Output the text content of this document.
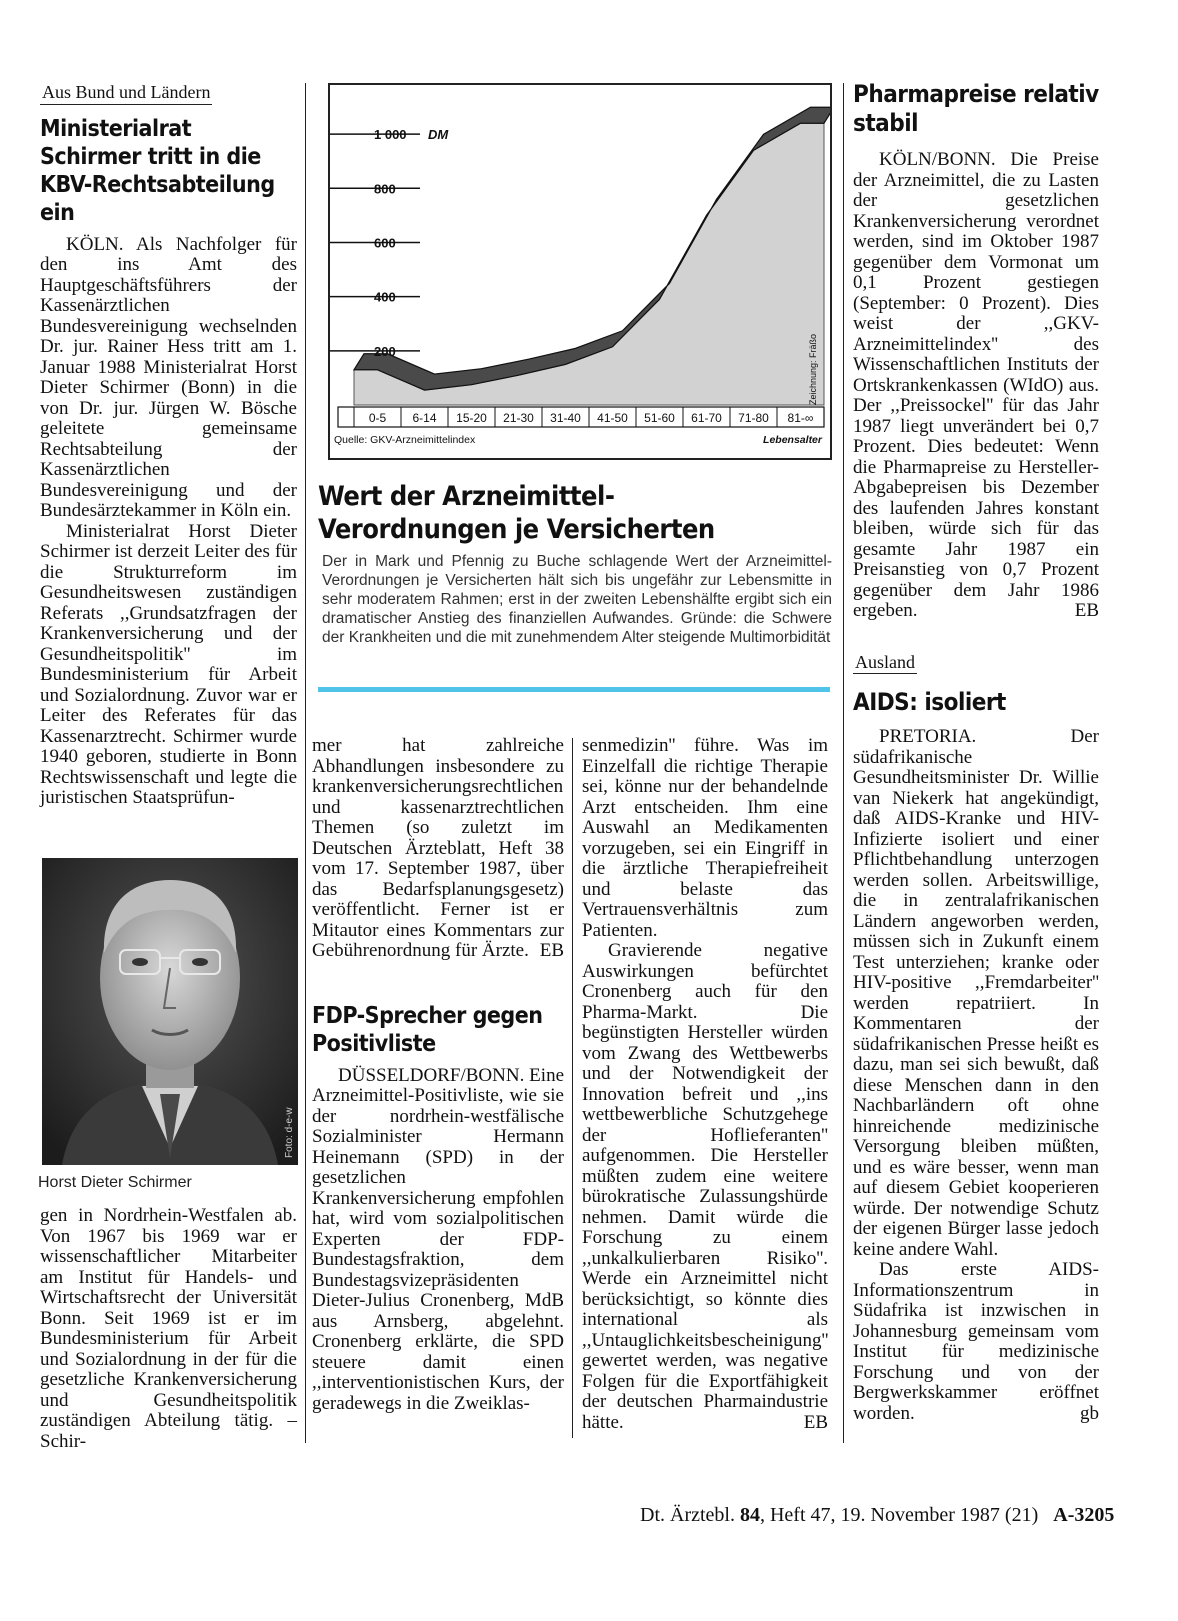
Aus Bund und Ländern
Ministerialrat Schirmer tritt in die KBV-Rechtsabteilung ein

KÖLN. Als Nachfolger für den ins Amt des Hauptgeschäftsführers der Kassenärztlichen Bundesvereinigung wechselnden Dr. jur. Rainer Hess tritt am 1. Januar 1988 Ministerialrat Horst Dieter Schirmer (Bonn) in die von Dr. jur. Jürgen W. Bösche geleitete gemeinsame Rechtsabteilung der Kassenärztlichen Bundesvereinigung und der Bundesärztekammer in Köln ein.

Ministerialrat Horst Dieter Schirmer ist derzeit Leiter des für die Strukturreform im Gesundheitswesen zuständigen Referats ,,Grundsatzfragen der Krankenversicherung und der Gesundheitspolitik'' im Bundesministerium für Arbeit und Sozialordnung. Zuvor war er Leiter des Referates für das Kassenarztrecht. Schirmer wurde 1940 geboren, studierte in Bonn Rechtswissenschaft und legte die juristischen Staatsprüfun-

Foto: d-e-w
Horst Dieter Schirmer

gen in Nordrhein-Westfalen ab. Von 1967 bis 1969 war er wissenschaftlicher Mitarbeiter am Institut für Handels- und Wirtschaftsrecht der Universität Bonn. Seit 1969 ist er im Bundesministerium für Arbeit und Sozialordnung in der für die gesetzliche Krankenversicherung und Gesundheitspolitik zuständigen Abteilung tätig. – Schir-

200
400
600
800
1 000 DM
0-5 6-14 15-20 21-30 31-40 41-50 51-60 61-70 71-80 81-∞
Quelle: GKV-Arzneimittelindex	Lebensalter
Zeichnung: Fräßo
Wert der Arzneimittel-Verordnungen je Versicherten
Der in Mark und Pfennig zu Buche schlagende Wert der Arzneimittel-Verordnungen je Versicherten hält sich bis ungefähr zur Lebensmitte in sehr moderatem Rahmen; erst in der zweiten Lebenshälfte ergibt sich ein dramatischer Anstieg des finanziellen Aufwandes. Gründe: die Schwere der Krankheiten und die mit zunehmendem Alter steigende Multimorbidität

mer hat zahlreiche Abhandlungen insbesondere zu krankenversicherungsrechtlichen und kassenarztrechtlichen Themen (so zuletzt im Deutschen Ärzteblatt, Heft 38 vom 17. September 1987, über das Bedarfsplanungsgesetz) veröffentlicht. Ferner ist er Mitautor eines Kommentars zur Gebührenordnung für Ärzte. EB

FDP-Sprecher gegen Positivliste

DÜSSELDORF/BONN. Eine Arzneimittel-Positivliste, wie sie der nordrhein-westfälische Sozialminister Hermann Heinemann (SPD) in der gesetzlichen Krankenversicherung empfohlen hat, wird vom sozialpolitischen Experten der FDP-Bundestagsfraktion, dem Bundestagsvizepräsidenten Dieter-Julius Cronenberg, MdB aus Arnsberg, abgelehnt. Cronenberg erklärte, die SPD steuere damit einen ,,interventionistischen Kurs, der geradewegs in die Zweiklas-

senmedizin'' führe. Was im Einzelfall die richtige Therapie sei, könne nur der behandelnde Arzt entscheiden. Ihm eine Auswahl an Medikamenten vorzugeben, sei ein Eingriff in die ärztliche Therapiefreiheit und belaste das Vertrauensverhältnis zum Patienten.

Gravierende negative Auswirkungen befürchtet Cronenberg auch für den Pharma-Markt. Die begünstigten Hersteller würden vom Zwang des Wettbewerbs und der Notwendigkeit der Innovation befreit und ,,ins wettbewerbliche Schutzgehege der Hoflieferanten'' aufgenommen. Die Hersteller müßten zudem eine weitere bürokratische Zulassungshürde nehmen. Damit würde die Forschung zu einem ,,unkalkulierbaren Risiko''. Werde ein Arzneimittel nicht berücksichtigt, so könnte dies international als ,,Untauglichkeitsbescheinigung'' gewertet werden, was negative Folgen für die Exportfähigkeit der deutschen Pharmaindustrie hätte.	EB

Pharmapreise relativ stabil

KÖLN/BONN. Die Preise der Arzneimittel, die zu Lasten der gesetzlichen Krankenversicherung verordnet werden, sind im Oktober 1987 gegenüber dem Vormonat um 0,1 Prozent gestiegen (September: 0 Prozent). Dies weist der ,,GKV-Arzneimittelindex'' des Wissenschaftlichen Instituts der Ortskrankenkassen (WIdO) aus. Der ,,Preissockel'' für das Jahr 1987 liegt unverändert bei 0,7 Prozent. Dies bedeutet: Wenn die Pharmapreise zu Hersteller-Abgabepreisen bis Dezember des laufenden Jahres konstant bleiben, würde sich für das gesamte Jahr 1987 ein Preisanstieg von 0,7 Prozent gegenüber dem Jahr 1986 ergeben.	EB

Ausland
AIDS: isoliert

PRETORIA. Der südafrikanische Gesundheitsminister Dr. Willie van Niekerk hat angekündigt, daß AIDS-Kranke und HIV-Infizierte isoliert und einer Pflichtbehandlung unterzogen werden sollen. Arbeitswillige, die in zentralafrikanischen Ländern angeworben werden, müssen sich in Zukunft einem Test unterziehen; kranke oder HIV-positive ,,Fremdarbeiter'' werden repatriiert. In Kommentaren der südafrikanischen Presse heißt es dazu, man sei sich bewußt, daß diese Menschen dann in den Nachbarländern oft ohne hinreichende medizinische Versorgung bleiben müßten, und es wäre besser, wenn man auf diesem Gebiet kooperieren würde. Der notwendige Schutz der eigenen Bürger lasse jedoch keine andere Wahl.

Das erste AIDS-Informationszentrum in Südafrika ist inzwischen in Johannesburg gemeinsam vom Institut für medizinische Forschung und von der Bergwerkskammer eröffnet worden.	gb

Dt. Ärztebl. 84, Heft 47, 19. November 1987 (21) A-3205
